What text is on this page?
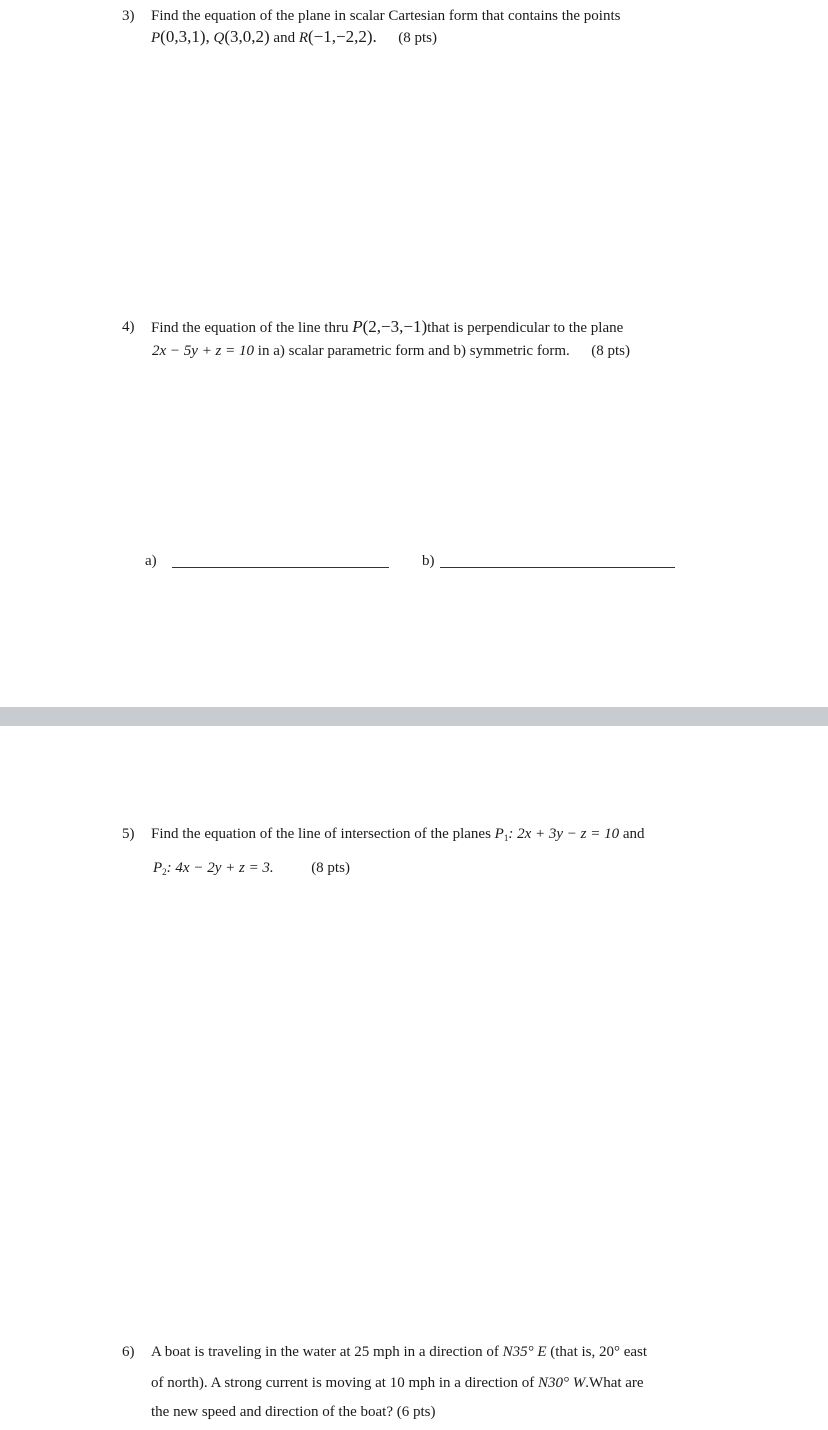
3) Find the equation of the plane in scalar Cartesian form that contains the points
P(0,3,1), Q(3,0,2) and R(−1,−2,2). (8 pts)
4) Find the equation of the line thru P(2,−3,−1)that is perpendicular to the plane
2x − 5y + z = 10 in a) scalar parametric form and b) symmetric form. (8 pts)
a)	b)
5) Find the equation of the line of intersection of the planes $P_1$: 2x + 3y − z = 10 and
$P_2$: 4x − 2y + z = 3.	(8 pts)
6) A boat is traveling in the water at 25 mph in a direction of N35° E (that is, 20° east
of north). A strong current is moving at 10 mph in a direction of N30° W.What are
the new speed and direction of the boat? (6 pts)
